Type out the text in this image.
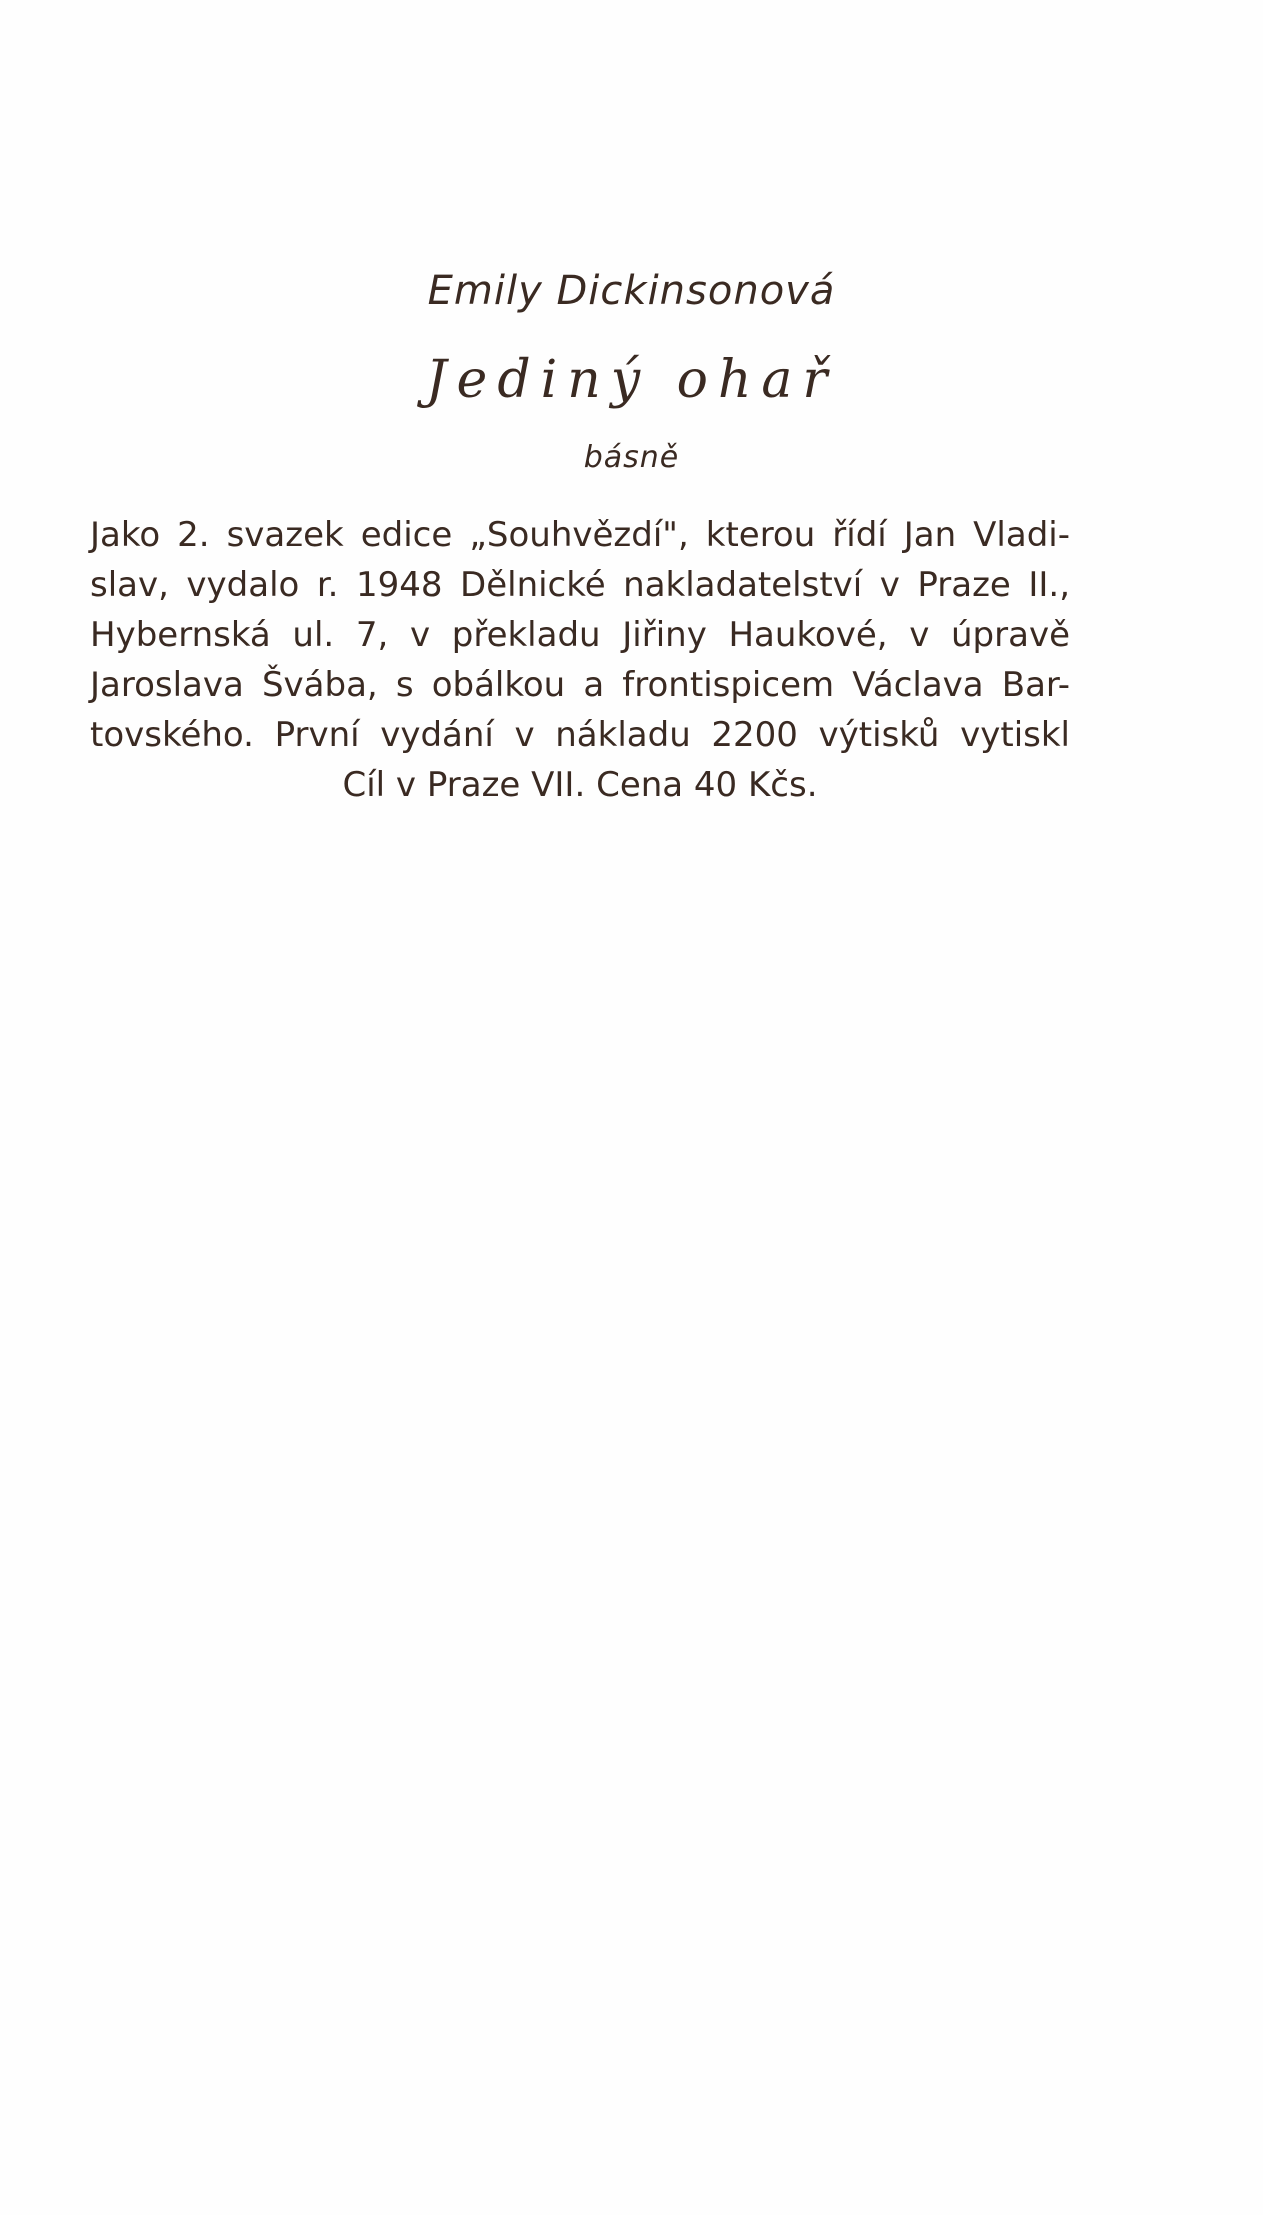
Emily Dickinsonová
Jediný ohař
básně
Jako 2. svazek edice „Souhvězdí", kterou řídí Jan Vladi-
slav, vydalo r. 1948 Dělnické nakladatelství v Praze II.,
Hybernská ul. 7, v překladu Jiřiny Haukové, v úpravě
Jaroslava Švába, s obálkou a frontispicem Václava Bar-
tovského. První vydání v nákladu 2200 výtisků vytiskl
Cíl v Praze VII. Cena 40 Kčs.
